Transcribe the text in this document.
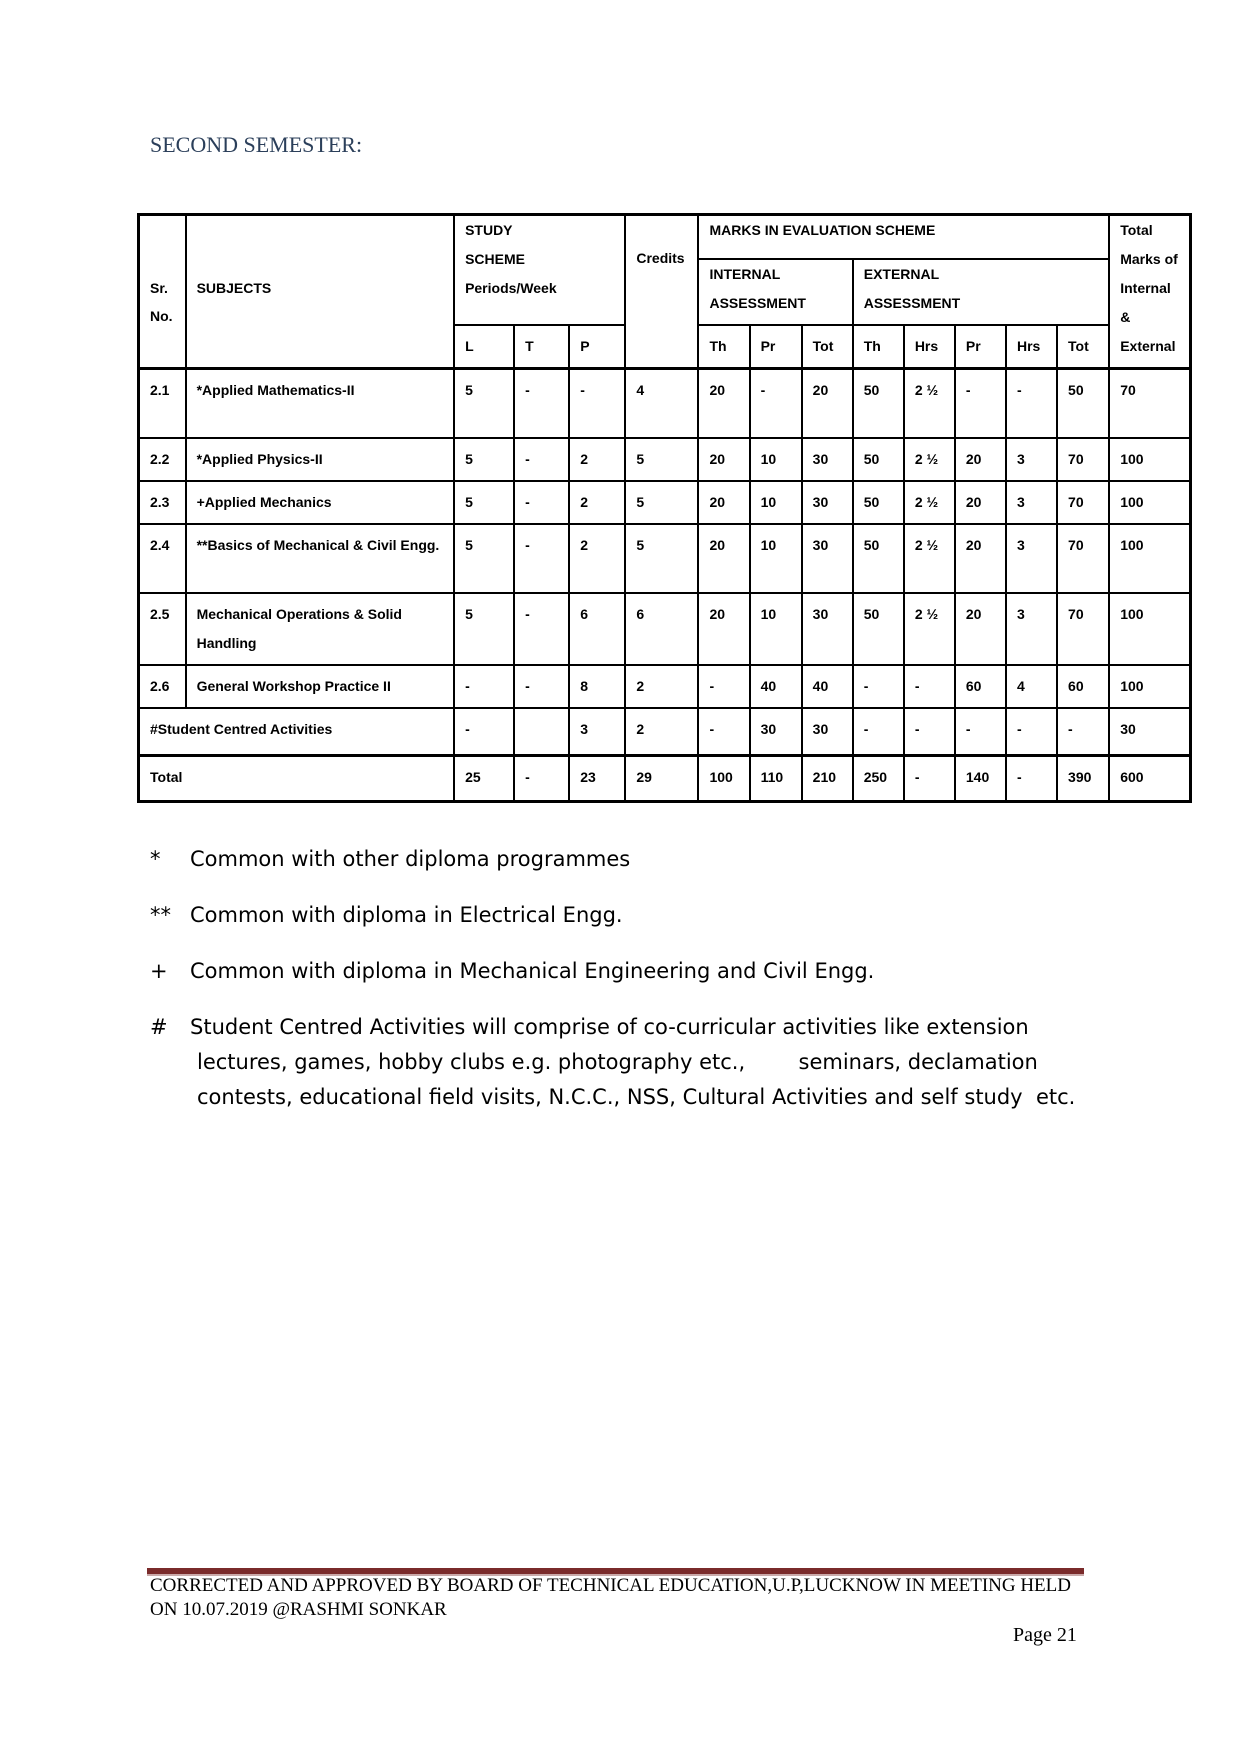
SECOND SEMESTER:
Sr. No.	SUBJECTS	STUDY SCHEME Periods/Week			Credits	MARKS IN EVALUATION SCHEME								Total Marks of Internal & External
						INTERNAL ASSESSMENT			EXTERNAL ASSESSMENT					

		L	T	P		Th	Pr	Tot	Th	Hrs	Pr	Hrs	Tot	
2.1	*Applied Mathematics-II	5	-	-	4	20	-	20	50	2 ½	-	-	50	70
2.2	*Applied Physics-II	5	-	2	5	20	10	30	50	2 ½	20	3	70	100
2.3	+Applied Mechanics	5	-	2	5	20	10	30	50	2 ½	20	3	70	100
2.4	**Basics of Mechanical & Civil Engg.	5	-	2	5	20	10	30	50	2 ½	20	3	70	100
2.5	Mechanical Operations & Solid Handling	5	-	6	6	20	10	30	50	2 ½	20	3	70	100
2.6	General Workshop Practice II	-	-	8	2	-	40	40	-	-	60	4	60	100
#Student Centred Activities		-		3	2	-	30	30	-	-	-	-	-	30
Total		25	-	23	29	100	110	210	250	-	140	-	390	600
* Common with other diploma programmes
** Common with diploma in Electrical Engg.
+ Common with diploma in Mechanical Engineering and Civil Engg.
# Student Centred Activities will comprise of co-curricular activities like extension
lectures, games, hobby clubs e.g. photography etc.,        seminars, declamation
contests, educational field visits, N.C.C., NSS, Cultural Activities and self study  etc.
CORRECTED AND APPROVED BY BOARD OF TECHNICAL EDUCATION,U.P,LUCKNOW IN MEETING HELD
ON 10.07.2019 @RASHMI SONKAR
Page 21
